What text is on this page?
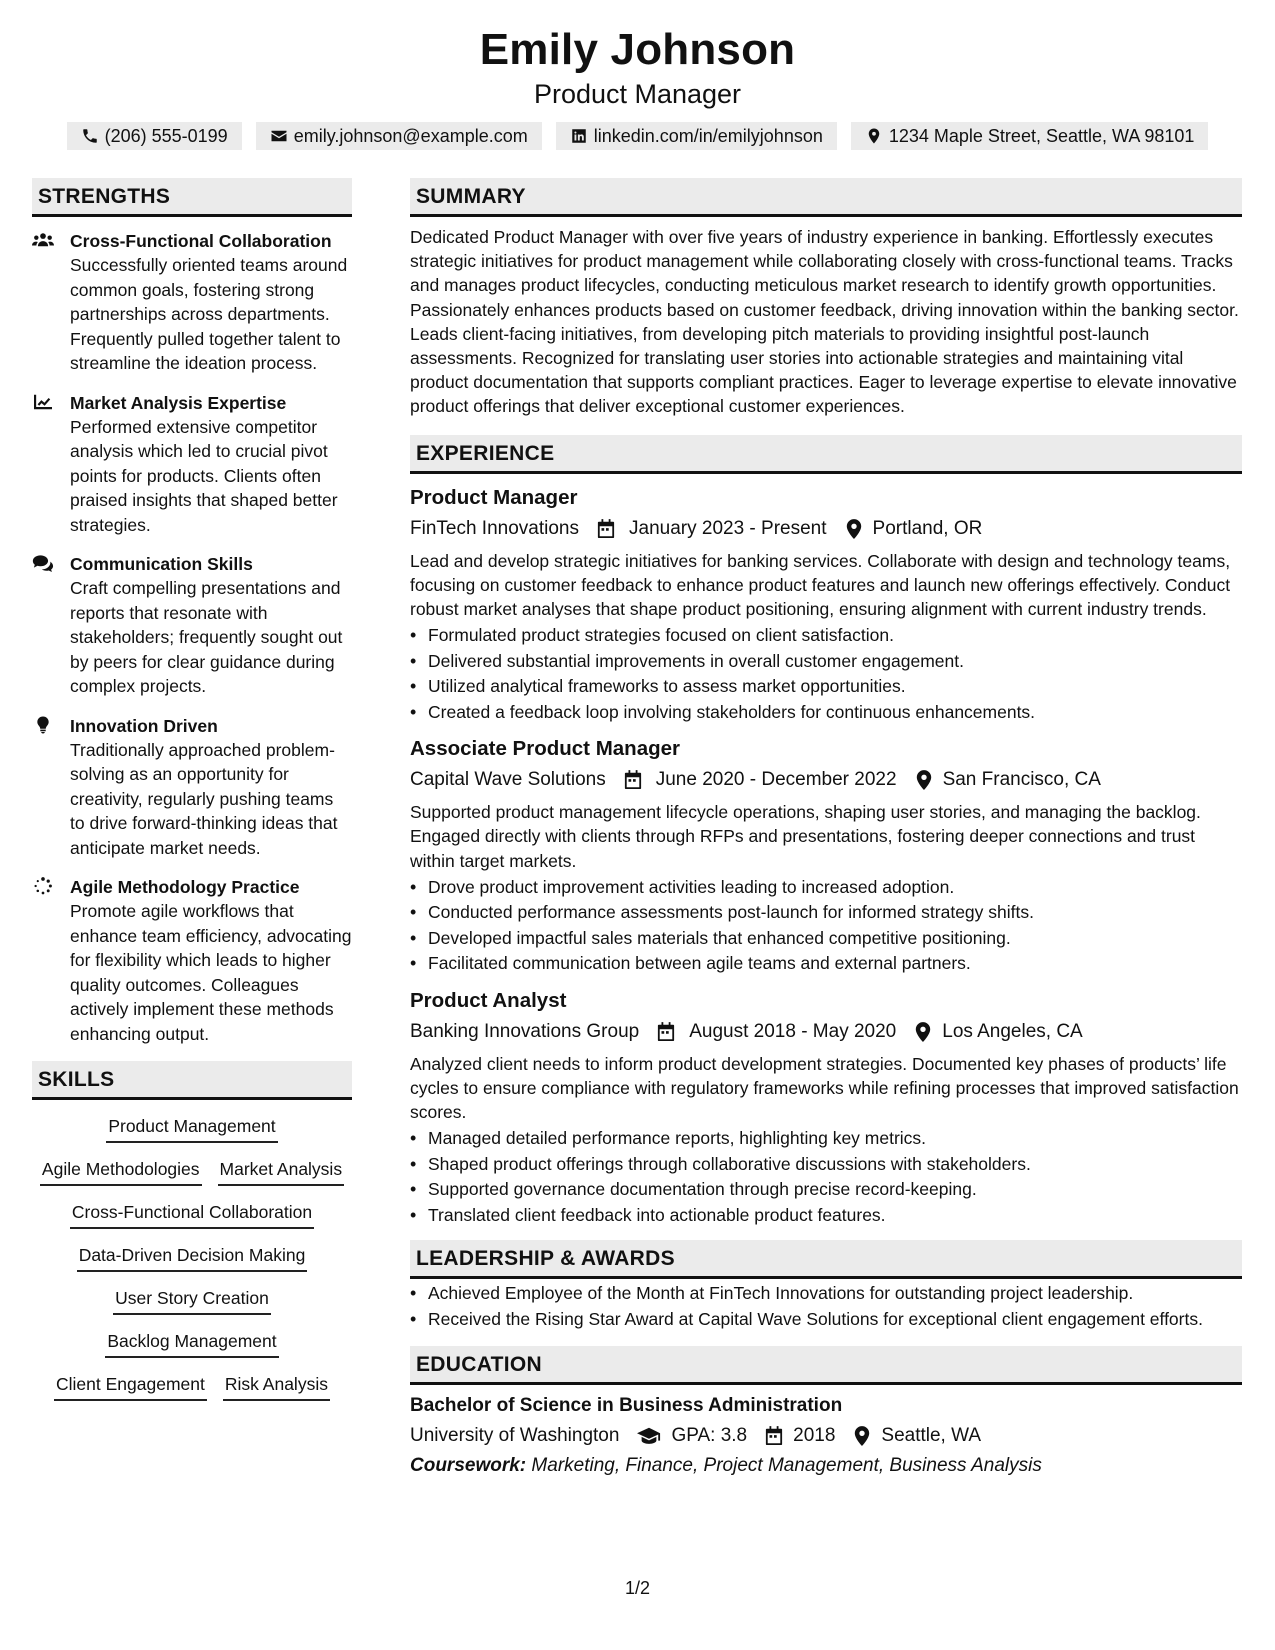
Emily Johnson
Product Manager
(206) 555-0199	emily.johnson@example.com	linkedin.com/in/emilyjohnson	1234 Maple Street, Seattle, WA 98101
STRENGTHS
Cross-Functional Collaboration
Successfully oriented teams around common goals, fostering strong partnerships across departments. Frequently pulled together talent to streamline the ideation process.
Market Analysis Expertise
Performed extensive competitor analysis which led to crucial pivot points for products. Clients often praised insights that shaped better strategies.
Communication Skills
Craft compelling presentations and reports that resonate with stakeholders; frequently sought out by peers for clear guidance during complex projects.
Innovation Driven
Traditionally approached problem-solving as an opportunity for creativity, regularly pushing teams to drive forward-thinking ideas that anticipate market needs.
Agile Methodology Practice
Promote agile workflows that enhance team efficiency, advocating for flexibility which leads to higher quality outcomes. Colleagues actively implement these methods enhancing output.
SKILLS
Product Management
Agile Methodologies Market Analysis
Cross-Functional Collaboration
Data-Driven Decision Making
User Story Creation
Backlog Management
Client Engagement Risk Analysis
SUMMARY
Dedicated Product Manager with over five years of industry experience in banking. Effortlessly executes strategic initiatives for product management while collaborating closely with cross-functional teams. Tracks and manages product lifecycles, conducting meticulous market research to identify growth opportunities. Passionately enhances products based on customer feedback, driving innovation within the banking sector. Leads client-facing initiatives, from developing pitch materials to providing insightful post-launch assessments. Recognized for translating user stories into actionable strategies and maintaining vital product documentation that supports compliant practices. Eager to leverage expertise to elevate innovative product offerings that deliver exceptional customer experiences.
EXPERIENCE
Product Manager
FinTech Innovations	January 2023 - Present Portland, OR
Lead and develop strategic initiatives for banking services. Collaborate with design and technology teams, focusing on customer feedback to enhance product features and launch new offerings effectively. Conduct robust market analyses that shape product positioning, ensuring alignment with current industry trends.
• Formulated product strategies focused on client satisfaction.
• Delivered substantial improvements in overall customer engagement.
• Utilized analytical frameworks to assess market opportunities.
• Created a feedback loop involving stakeholders for continuous enhancements.
Associate Product Manager
Capital Wave Solutions	June 2020 - December 2022 San Francisco, CA
Supported product management lifecycle operations, shaping user stories, and managing the backlog. Engaged directly with clients through RFPs and presentations, fostering deeper connections and trust within target markets.
• Drove product improvement activities leading to increased adoption.
• Conducted performance assessments post-launch for informed strategy shifts.
• Developed impactful sales materials that enhanced competitive positioning.
• Facilitated communication between agile teams and external partners.
Product Analyst
Banking Innovations Group	August 2018 - May 2020 Los Angeles, CA
Analyzed client needs to inform product development strategies. Documented key phases of products’ life cycles to ensure compliance with regulatory frameworks while refining processes that improved satisfaction scores.
• Managed detailed performance reports, highlighting key metrics.
• Shaped product offerings through collaborative discussions with stakeholders.
• Supported governance documentation through precise record-keeping.
• Translated client feedback into actionable product features.
LEADERSHIP & AWARDS
• Achieved Employee of the Month at FinTech Innovations for outstanding project leadership.
• Received the Rising Star Award at Capital Wave Solutions for exceptional client engagement efforts.
EDUCATION
Bachelor of Science in Business Administration
University of Washington	GPA: 3.8 2018 Seattle, WA
Coursework: Marketing, Finance, Project Management, Business Analysis
1/2
